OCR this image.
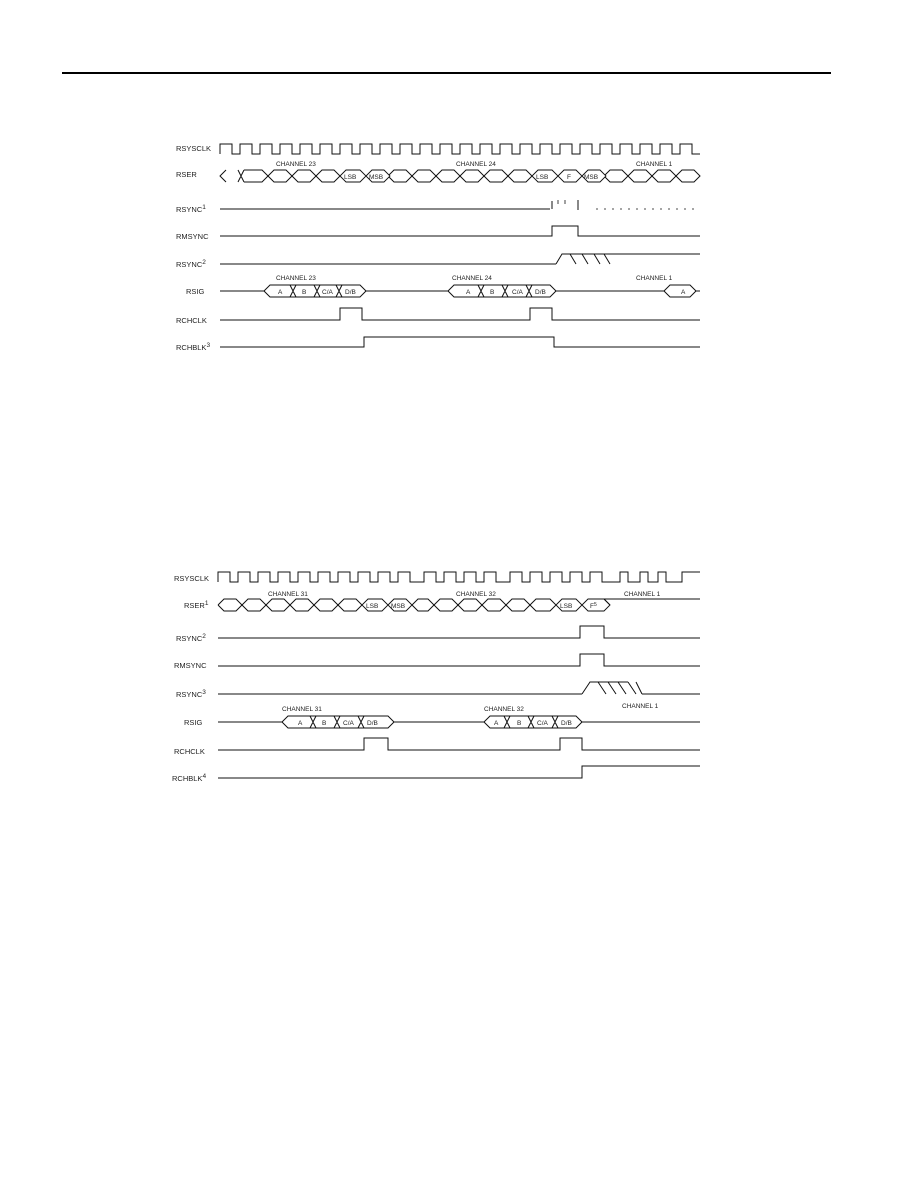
RSYSCLK
RSER
RSYNC1
RMSYNC
RSYNC2
RSIG
RCHCLK
RCHBLK3
LSB MSB	LSB	F MSB
CHANNEL 23	CHANNEL 24	CHANNEL 1
A	B C/A D/B	A	B	C/A D/B	A
CHANNEL 23	CHANNEL 24	CHANNEL 1
RSYSCLK
RSER1
RSYNC2
RMSYNC
RSYNC3
RSIG
RCHCLK
RCHBLK4
LSB MSB	LSB	$F^5$
CHANNEL 31	CHANNEL 32	CHANNEL 1
A	B	C/A D/B	A	B C/A D/B
CHANNEL 31	CHANNEL 32	CHANNEL 1
